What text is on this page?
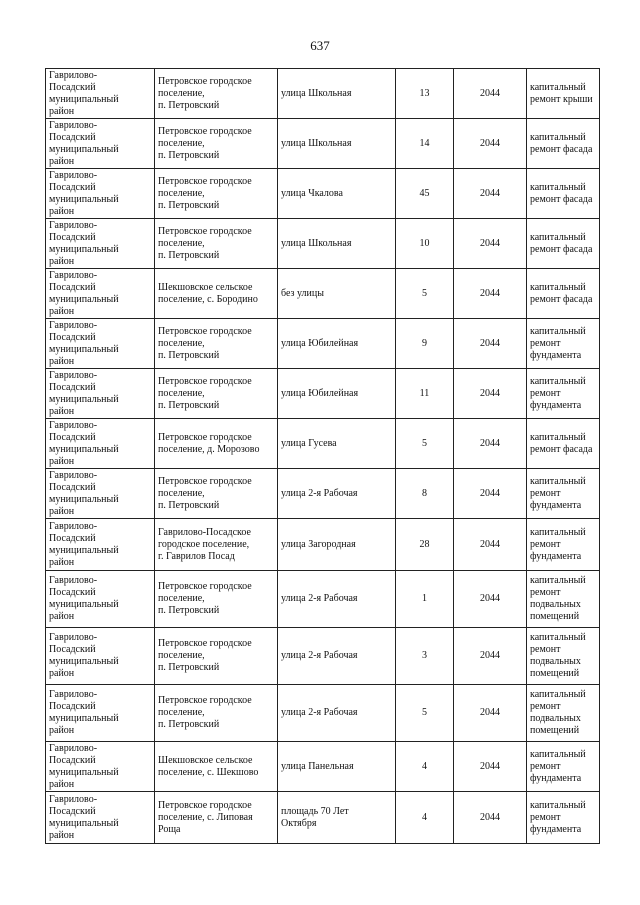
637
Гаврилово-
Посадский
муниципальный
район	Петровское городское
поселение,
п. Петровский	улица Школьная	13	2044	капитальный
ремонт крыши

Гаврилово-
Посадский
муниципальный
район	Петровское городское
поселение,
п. Петровский	улица Школьная	14	2044	капитальный
ремонт фасада

Гаврилово-
Посадский
муниципальный
район	Петровское городское
поселение,
п. Петровский	улица Чкалова	45	2044	капитальный
ремонт фасада

Гаврилово-
Посадский
муниципальный
район	Петровское городское
поселение,
п. Петровский	улица Школьная	10	2044	капитальный
ремонт фасада

Гаврилово-
Посадский
муниципальный
район	Шекшовское сельское
поселение, с. Бородино	без улицы	5	2044	капитальный
ремонт фасада

Гаврилово-
Посадский
муниципальный
район	Петровское городское
поселение,
п. Петровский	улица Юбилейная	9	2044	капитальный
ремонт
фундамента

Гаврилово-
Посадский
муниципальный
район	Петровское городское
поселение,
п. Петровский	улица Юбилейная	11	2044	капитальный
ремонт
фундамента

Гаврилово-
Посадский
муниципальный
район	Петровское городское
поселение, д. Морозово	улица Гусева	5	2044	капитальный
ремонт фасада

Гаврилово-
Посадский
муниципальный
район	Петровское городское
поселение,
п. Петровский	улица 2-я Рабочая	8	2044	капитальный
ремонт
фундамента

Гаврилово-
Посадский
муниципальный
район	Гаврилово-Посадское
городское поселение,
г. Гаврилов Посад	улица Загородная	28	2044	капитальный
ремонт
фундамента

Гаврилово-
Посадский
муниципальный
район	Петровское городское
поселение,
п. Петровский	улица 2-я Рабочая	1	2044	капитальный
ремонт
подвальных
помещений

Гаврилово-
Посадский
муниципальный
район	Петровское городское
поселение,
п. Петровский	улица 2-я Рабочая	3	2044	капитальный
ремонт
подвальных
помещений

Гаврилово-
Посадский
муниципальный
район	Петровское городское
поселение,
п. Петровский	улица 2-я Рабочая	5	2044	капитальный
ремонт
подвальных
помещений

Гаврилово-
Посадский
муниципальный
район	Шекшовское сельское
поселение, с. Шекшово	улица Панельная	4	2044	капитальный
ремонт
фундамента

Гаврилово-
Посадский
муниципальный
район	Петровское городское
поселение, с. Липовая
Роща	площадь 70 Лет
Октября	4	2044	капитальный
ремонт
фундамента
